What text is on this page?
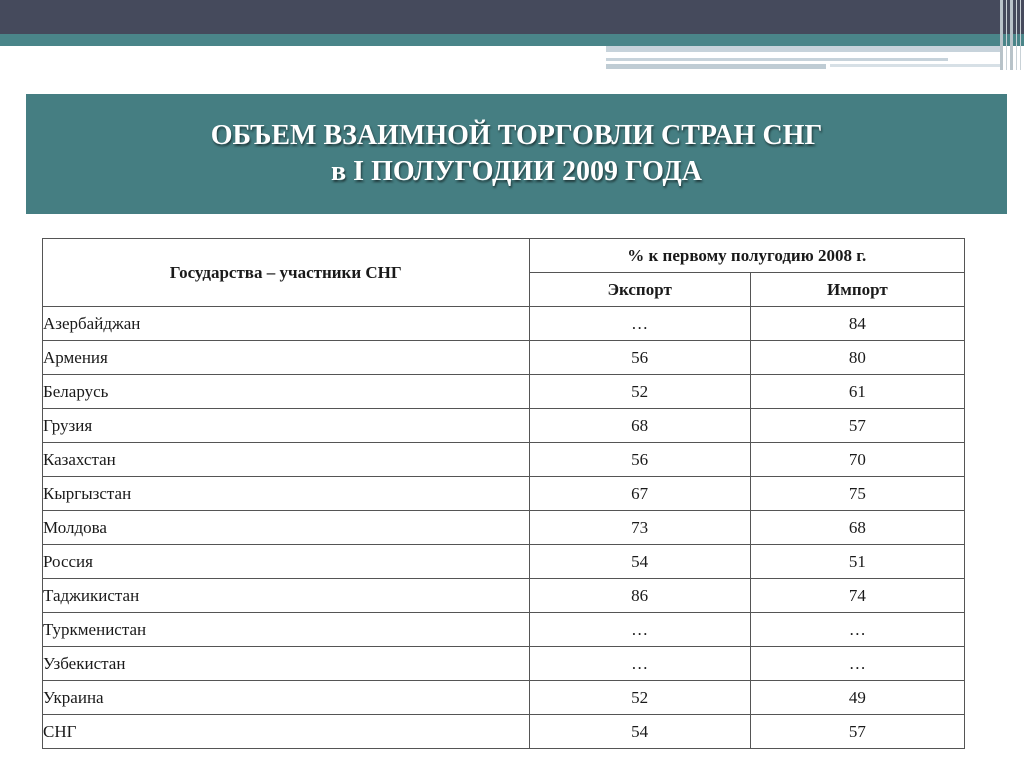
ОБЪЕМ ВЗАИМНОЙ ТОРГОВЛИ СТРАН СНГ
в I ПОЛУГОДИИ 2009 ГОДА
Государства – участники СНГ	% к первому полугодию 2008 г.	
	Экспорт	Импорт
Азербайджан	…	84
Армения	56	80
Беларусь	52	61
Грузия	68	57
Казахстан	56	70
Кыргызстан	67	75
Молдова	73	68
Россия	54	51
Таджикистан	86	74
Туркменистан	…	…
Узбекистан	…	…
Украина	52	49
СНГ	54	57
